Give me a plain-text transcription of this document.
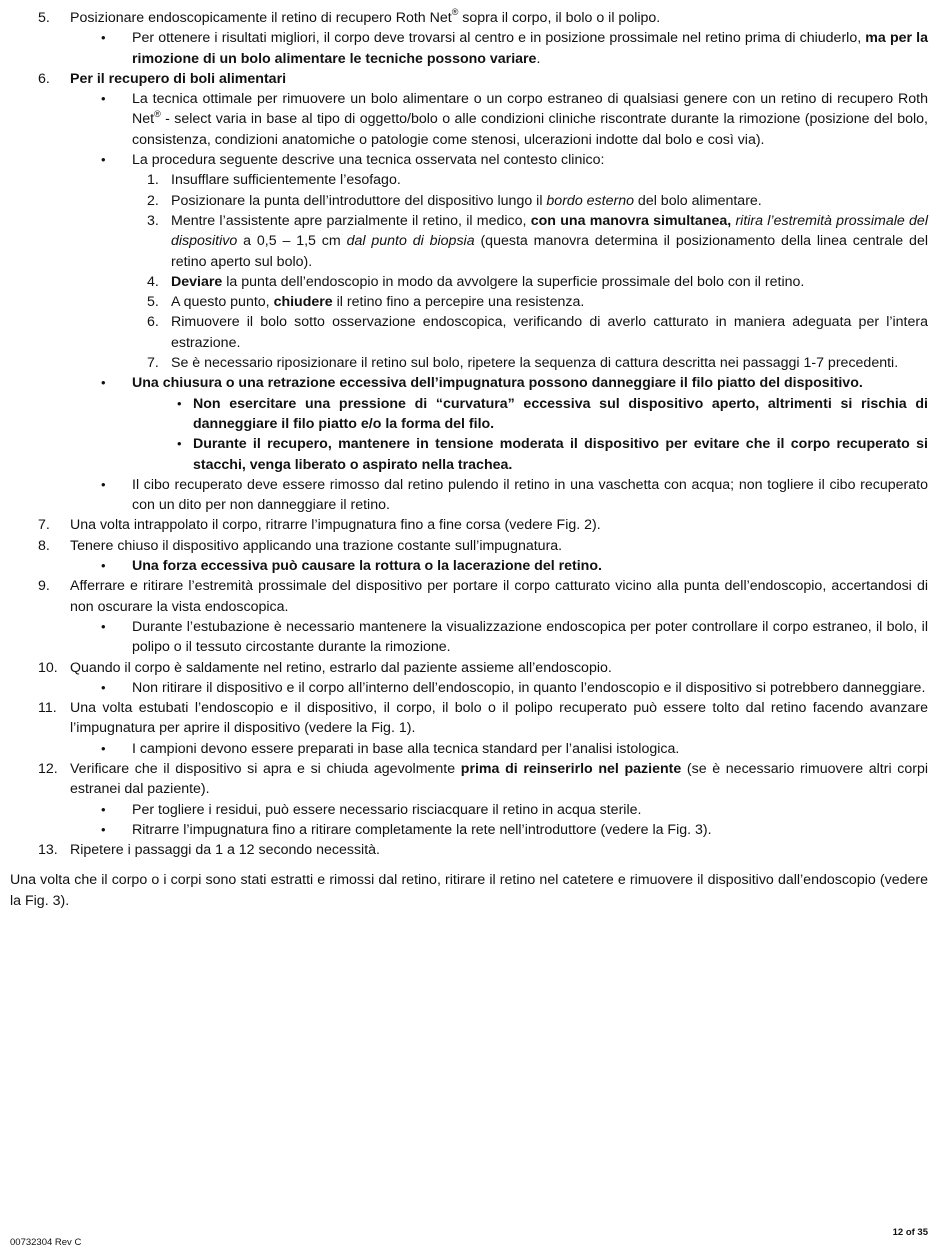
5. Posizionare endoscopicamente il retino di recupero Roth Net® sopra il corpo, il bolo o il polipo.
• Per ottenere i risultati migliori, il corpo deve trovarsi al centro e in posizione prossimale nel retino prima di chiuderlo, ma per la rimozione di un bolo alimentare le tecniche possono variare.
6. Per il recupero di boli alimentari
• La tecnica ottimale per rimuovere un bolo alimentare o un corpo estraneo di qualsiasi genere con un retino di recupero Roth Net® - select varia in base al tipo di oggetto/bolo o alle condizioni cliniche riscontrate durante la rimozione (posizione del bolo, consistenza, condizioni anatomiche o patologie come stenosi, ulcerazioni indotte dal bolo e così via).
• La procedura seguente descrive una tecnica osservata nel contesto clinico:
1. Insufflare sufficientemente l’esofago.
2. Posizionare la punta dell’introduttore del dispositivo lungo il bordo esterno del bolo alimentare.
3. Mentre l’assistente apre parzialmente il retino, il medico, con una manovra simultanea, ritira l’estremità prossimale del dispositivo a 0,5 – 1,5 cm dal punto di biopsia (questa manovra determina il posizionamento della linea centrale del retino aperto sul bolo).
4. Deviare la punta dell’endoscopio in modo da avvolgere la superficie prossimale del bolo con il retino.
5. A questo punto, chiudere il retino fino a percepire una resistenza.
6. Rimuovere il bolo sotto osservazione endoscopica, verificando di averlo catturato in maniera adeguata per l’intera estrazione.
7. Se è necessario riposizionare il retino sul bolo, ripetere la sequenza di cattura descritta nei passaggi 1-7 precedenti.
• Una chiusura o una retrazione eccessiva dell’impugnatura possono danneggiare il filo piatto del dispositivo.
• Non esercitare una pressione di “curvatura” eccessiva sul dispositivo aperto, altrimenti si rischia di danneggiare il filo piatto e/o la forma del filo.
• Durante il recupero, mantenere in tensione moderata il dispositivo per evitare che il corpo recuperato si stacchi, venga liberato o aspirato nella trachea.
• Il cibo recuperato deve essere rimosso dal retino pulendo il retino in una vaschetta con acqua; non togliere il cibo recuperato con un dito per non danneggiare il retino.
7. Una volta intrappolato il corpo, ritrarre l’impugnatura fino a fine corsa (vedere Fig. 2).
8. Tenere chiuso il dispositivo applicando una trazione costante sull’impugnatura.
• Una forza eccessiva può causare la rottura o la lacerazione del retino.
9. Afferrare e ritirare l’estremità prossimale del dispositivo per portare il corpo catturato vicino alla punta dell’endoscopio, accertandosi di non oscurare la vista endoscopica.
• Durante l’estubazione è necessario mantenere la visualizzazione endoscopica per poter controllare il corpo estraneo, il bolo, il polipo o il tessuto circostante durante la rimozione.
10. Quando il corpo è saldamente nel retino, estrarlo dal paziente assieme all’endoscopio.
• Non ritirare il dispositivo e il corpo all’interno dell’endoscopio, in quanto l’endoscopio e il dispositivo si potrebbero danneggiare.
11. Una volta estubati l’endoscopio e il dispositivo, il corpo, il bolo o il polipo recuperato può essere tolto dal retino facendo avanzare l’impugnatura per aprire il dispositivo (vedere la Fig. 1).
• I campioni devono essere preparati in base alla tecnica standard per l’analisi istologica.
12. Verificare che il dispositivo si apra e si chiuda agevolmente prima di reinserirlo nel paziente (se è necessario rimuovere altri corpi estranei dal paziente).
• Per togliere i residui, può essere necessario risciacquare il retino in acqua sterile.
• Ritrarre l’impugnatura fino a ritirare completamente la rete nell’introduttore (vedere la Fig. 3).
13. Ripetere i passaggi da 1 a 12 secondo necessità.
Una volta che il corpo o i corpi sono stati estratti e rimossi dal retino, ritirare il retino nel catetere e rimuovere il dispositivo dall’endoscopio (vedere la Fig. 3).
00732304 Rev C
12 of 35
